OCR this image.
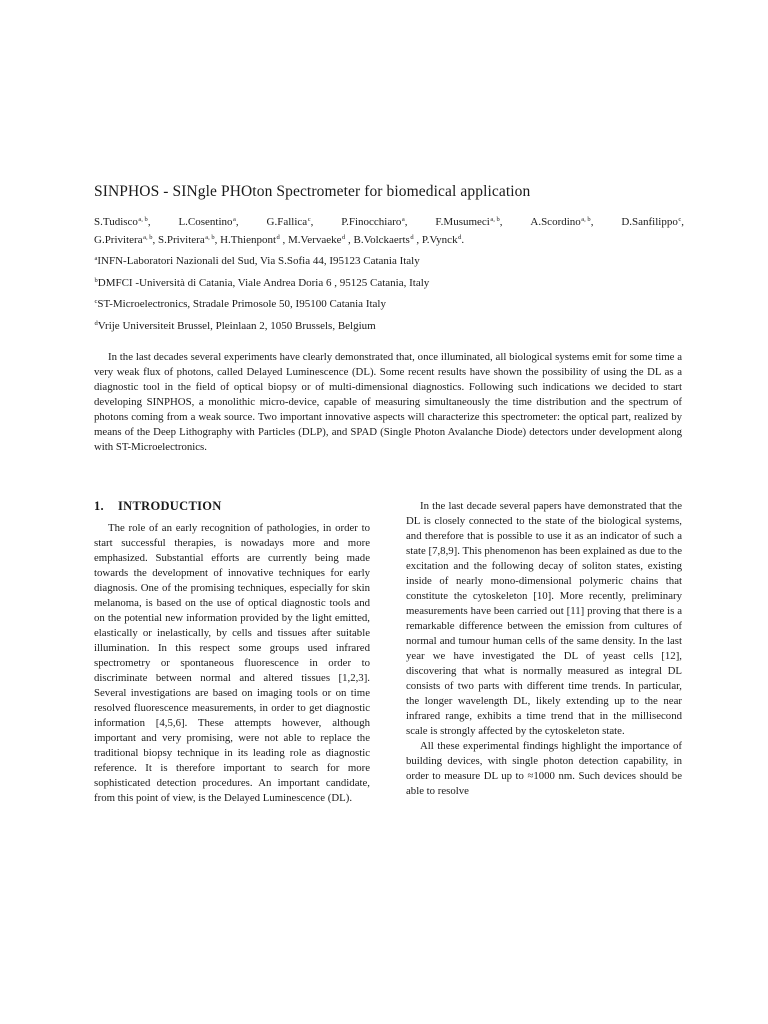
SINPHOS - SINgle PHOton Spectrometer for biomedical application
S.Tudisco$^{a, b}$,	L.Cosentino$^a$,	G.Fallica$^c$,	P.Finocchiaro$^a$,	F.Musumeci$^{a, b}$,	A.Scordino$^{a, b}$,	D.Sanfilippo$^c$,
G.Privitera$^{a, b}$, S.Privitera$^{a, b}$, H.Thienpont$^d$ , M.Vervaeke$^d$ , B.Volckaerts$^d$ , P.Vynck$^d$.
$^a$INFN-Laboratori Nazionali del Sud, Via S.Sofia 44, I95123 Catania Italy
$^b$DMFCI -Università di Catania, Viale Andrea Doria 6 , 95125 Catania, Italy
$^c$ST-Microelectronics, Stradale Primosole 50, I95100 Catania Italy
$^d$Vrije Universiteit Brussel, Pleinlaan 2, 1050 Brussels, Belgium
In the last decades several experiments have clearly demonstrated that, once illuminated, all biological systems emit for some time a very weak flux of photons, called Delayed Luminescence (DL). Some recent results have shown the possibility of using the DL as a diagnostic tool in the field of optical biopsy or of multi-dimensional diagnostics. Following such indications we decided to start developing SINPHOS, a monolithic micro-device, capable of measuring simultaneously the time distribution and the spectrum of photons coming from a weak source. Two important innovative aspects will characterize this spectrometer: the optical part, realized by means of the Deep Lithography with Particles (DLP), and SPAD (Single Photon Avalanche Diode) detectors under development along with ST-Microelectronics.
1. INTRODUCTION

The role of an early recognition of pathologies, in order to start successful therapies, is nowadays more and more emphasized. Substantial efforts are currently being made towards the development of innovative techniques for early diagnosis. One of the promising techniques, especially for skin melanoma, is based on the use of optical diagnostic tools and on the potential new information provided by the light emitted, elastically or inelastically, by cells and tissues after suitable illumination. In this respect some groups used infrared spectrometry or spontaneous fluorescence in order to discriminate between normal and altered tissues [1,2,3]. Several investigations are based on imaging tools or on time resolved fluorescence measurements, in order to get diagnostic information [4,5,6]. These attempts however, although important and very promising, were not able to replace the traditional biopsy technique in its leading role as diagnostic reference. It is therefore important to search for more sophisticated detection procedures. An important candidate, from this point of view, is the Delayed Luminescence (DL).

In the last decade several papers have demonstrated that the DL is closely connected to the state of the biological systems, and therefore that is possible to use it as an indicator of such a state [7,8,9]. This phenomenon has been explained as due to the excitation and the following decay of soliton states, existing inside of nearly mono-dimensional polymeric chains that constitute the cytoskeleton [10]. More recently, preliminary measurements have been carried out [11] proving that there is a remarkable difference between the emission from cultures of normal and tumour human cells of the same density. In the last year we have investigated the DL of yeast cells [12], discovering that what is normally measured as integral DL consists of two parts with different time trends. In particular, the longer wavelength DL, likely extending up to the near infrared range, exhibits a time trend that in the millisecond scale is strongly affected by the cytoskeleton state.

All these experimental findings highlight the importance of building devices, with single photon detection capability, in order to measure DL up to ≈1000 nm. Such devices should be able to resolve
